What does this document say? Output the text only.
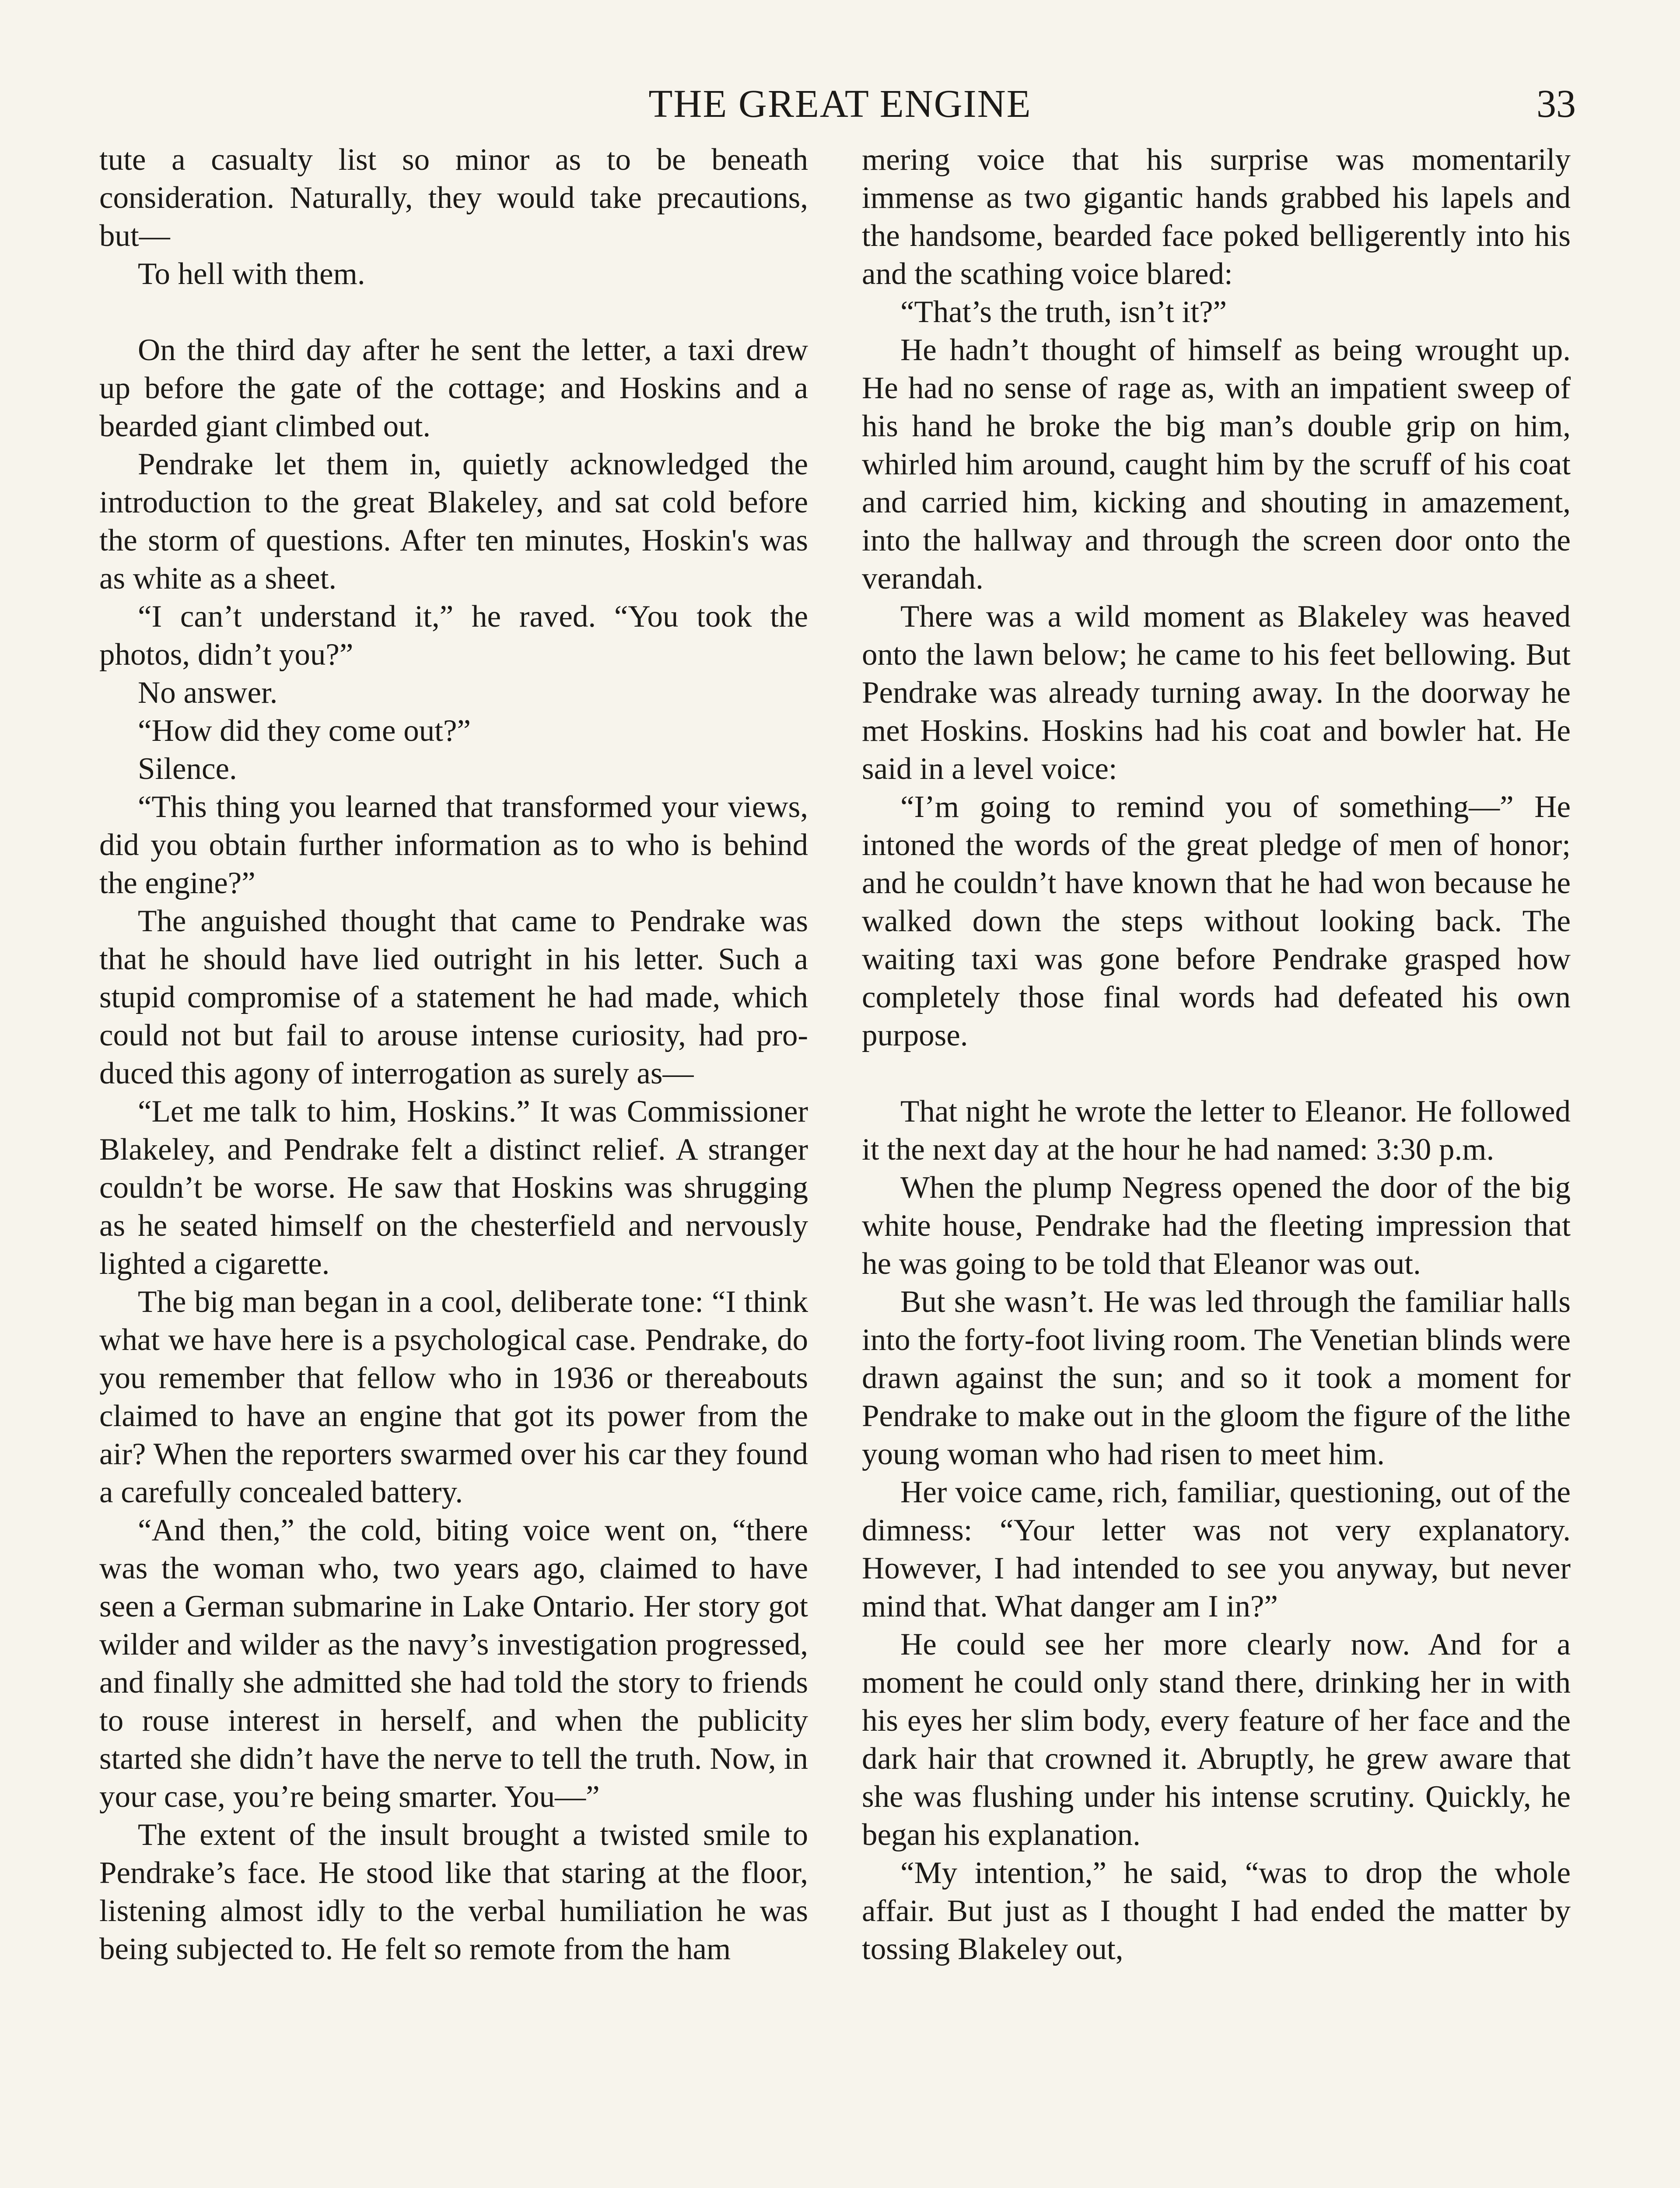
THE GREAT ENGINE	33

tute a casualty list so minor as to be beneath consideration. Naturally, they would take precautions, but—

To hell with them.

On the third day after he sent the letter, a taxi drew up before the gate of the cottage; and Hoskins and a bearded giant climbed out.

Pendrake let them in, quietly acknowledged the introduction to the great Blakeley, and sat cold before the storm of questions. After ten minutes, Hoskin's was as white as a sheet.

“I can’t understand it,” he raved. “You took the photos, didn’t you?”

No answer.

“How did they come out?”

Silence.

“This thing you learned that transformed your views, did you obtain further information as to who is behind the engine?”

The anguished thought that came to Pendrake was that he should have lied outright in his letter. Such a stupid compromise of a statement he had made, which could not but fail to arouse intense curiosity, had produced this agony of interrogation as surely as—

“Let me talk to him, Hoskins.” It was Commissioner Blakeley, and Pendrake felt a distinct relief. A stranger couldn’t be worse. He saw that Hoskins was shrugging as he seated himself on the chesterfield and nervously lighted a cigarette.

The big man began in a cool, deliberate tone: “I think what we have here is a psychological case. Pendrake, do you remember that fellow who in 1936 or thereabouts claimed to have an engine that got its power from the air? When the reporters swarmed over his car they found a carefully concealed battery.

“And then,” the cold, biting voice went on, “there was the woman who, two years ago, claimed to have seen a German submarine in Lake Ontario. Her story got wilder and wilder as the navy’s investigation progressed, and finally she admitted she had told the story to friends to rouse interest in herself, and when the publicity started she didn’t have the nerve to tell the truth. Now, in your case, you’re being smarter. You—”

The extent of the insult brought a twisted smile to Pendrake’s face. He stood like that staring at the floor, listening almost idly to the verbal humiliation he was being subjected to. He felt so remote from the ham

mering voice that his surprise was momentarily immense as two gigantic hands grabbed his lapels and the handsome, bearded face poked belligerently into his and the scathing voice blared:

“That’s the truth, isn’t it?”

He hadn’t thought of himself as being wrought up. He had no sense of rage as, with an impatient sweep of his hand he broke the big man’s double grip on him, whirled him around, caught him by the scruff of his coat and carried him, kicking and shouting in amazement, into the hallway and through the screen door onto the verandah.

There was a wild moment as Blakeley was heaved onto the lawn below; he came to his feet bellowing. But Pendrake was already turning away. In the doorway he met Hoskins. Hoskins had his coat and bowler hat. He said in a level voice:

“I’m going to remind you of something—” He intoned the words of the great pledge of men of honor; and he couldn’t have known that he had won because he walked down the steps without looking back. The waiting taxi was gone before Pendrake grasped how completely those final words had defeated his own purpose.

That night he wrote the letter to Eleanor. He followed it the next day at the hour he had named: 3:30 p.m.

When the plump Negress opened the door of the big white house, Pendrake had the fleeting impression that he was going to be told that Eleanor was out.

But she wasn’t. He was led through the familiar halls into the forty-foot living room. The Venetian blinds were drawn against the sun; and so it took a moment for Pendrake to make out in the gloom the figure of the lithe young woman who had risen to meet him.

Her voice came, rich, familiar, questioning, out of the dimness: “Your letter was not very explanatory. However, I had intended to see you anyway, but never mind that. What danger am I in?”

He could see her more clearly now. And for a moment he could only stand there, drinking her in with his eyes her slim body, every feature of her face and the dark hair that crowned it. Abruptly, he grew aware that she was flushing under his intense scrutiny. Quickly, he began his explanation.

“My intention,” he said, “was to drop the whole affair. But just as I thought I had ended the matter by tossing Blakeley out,
